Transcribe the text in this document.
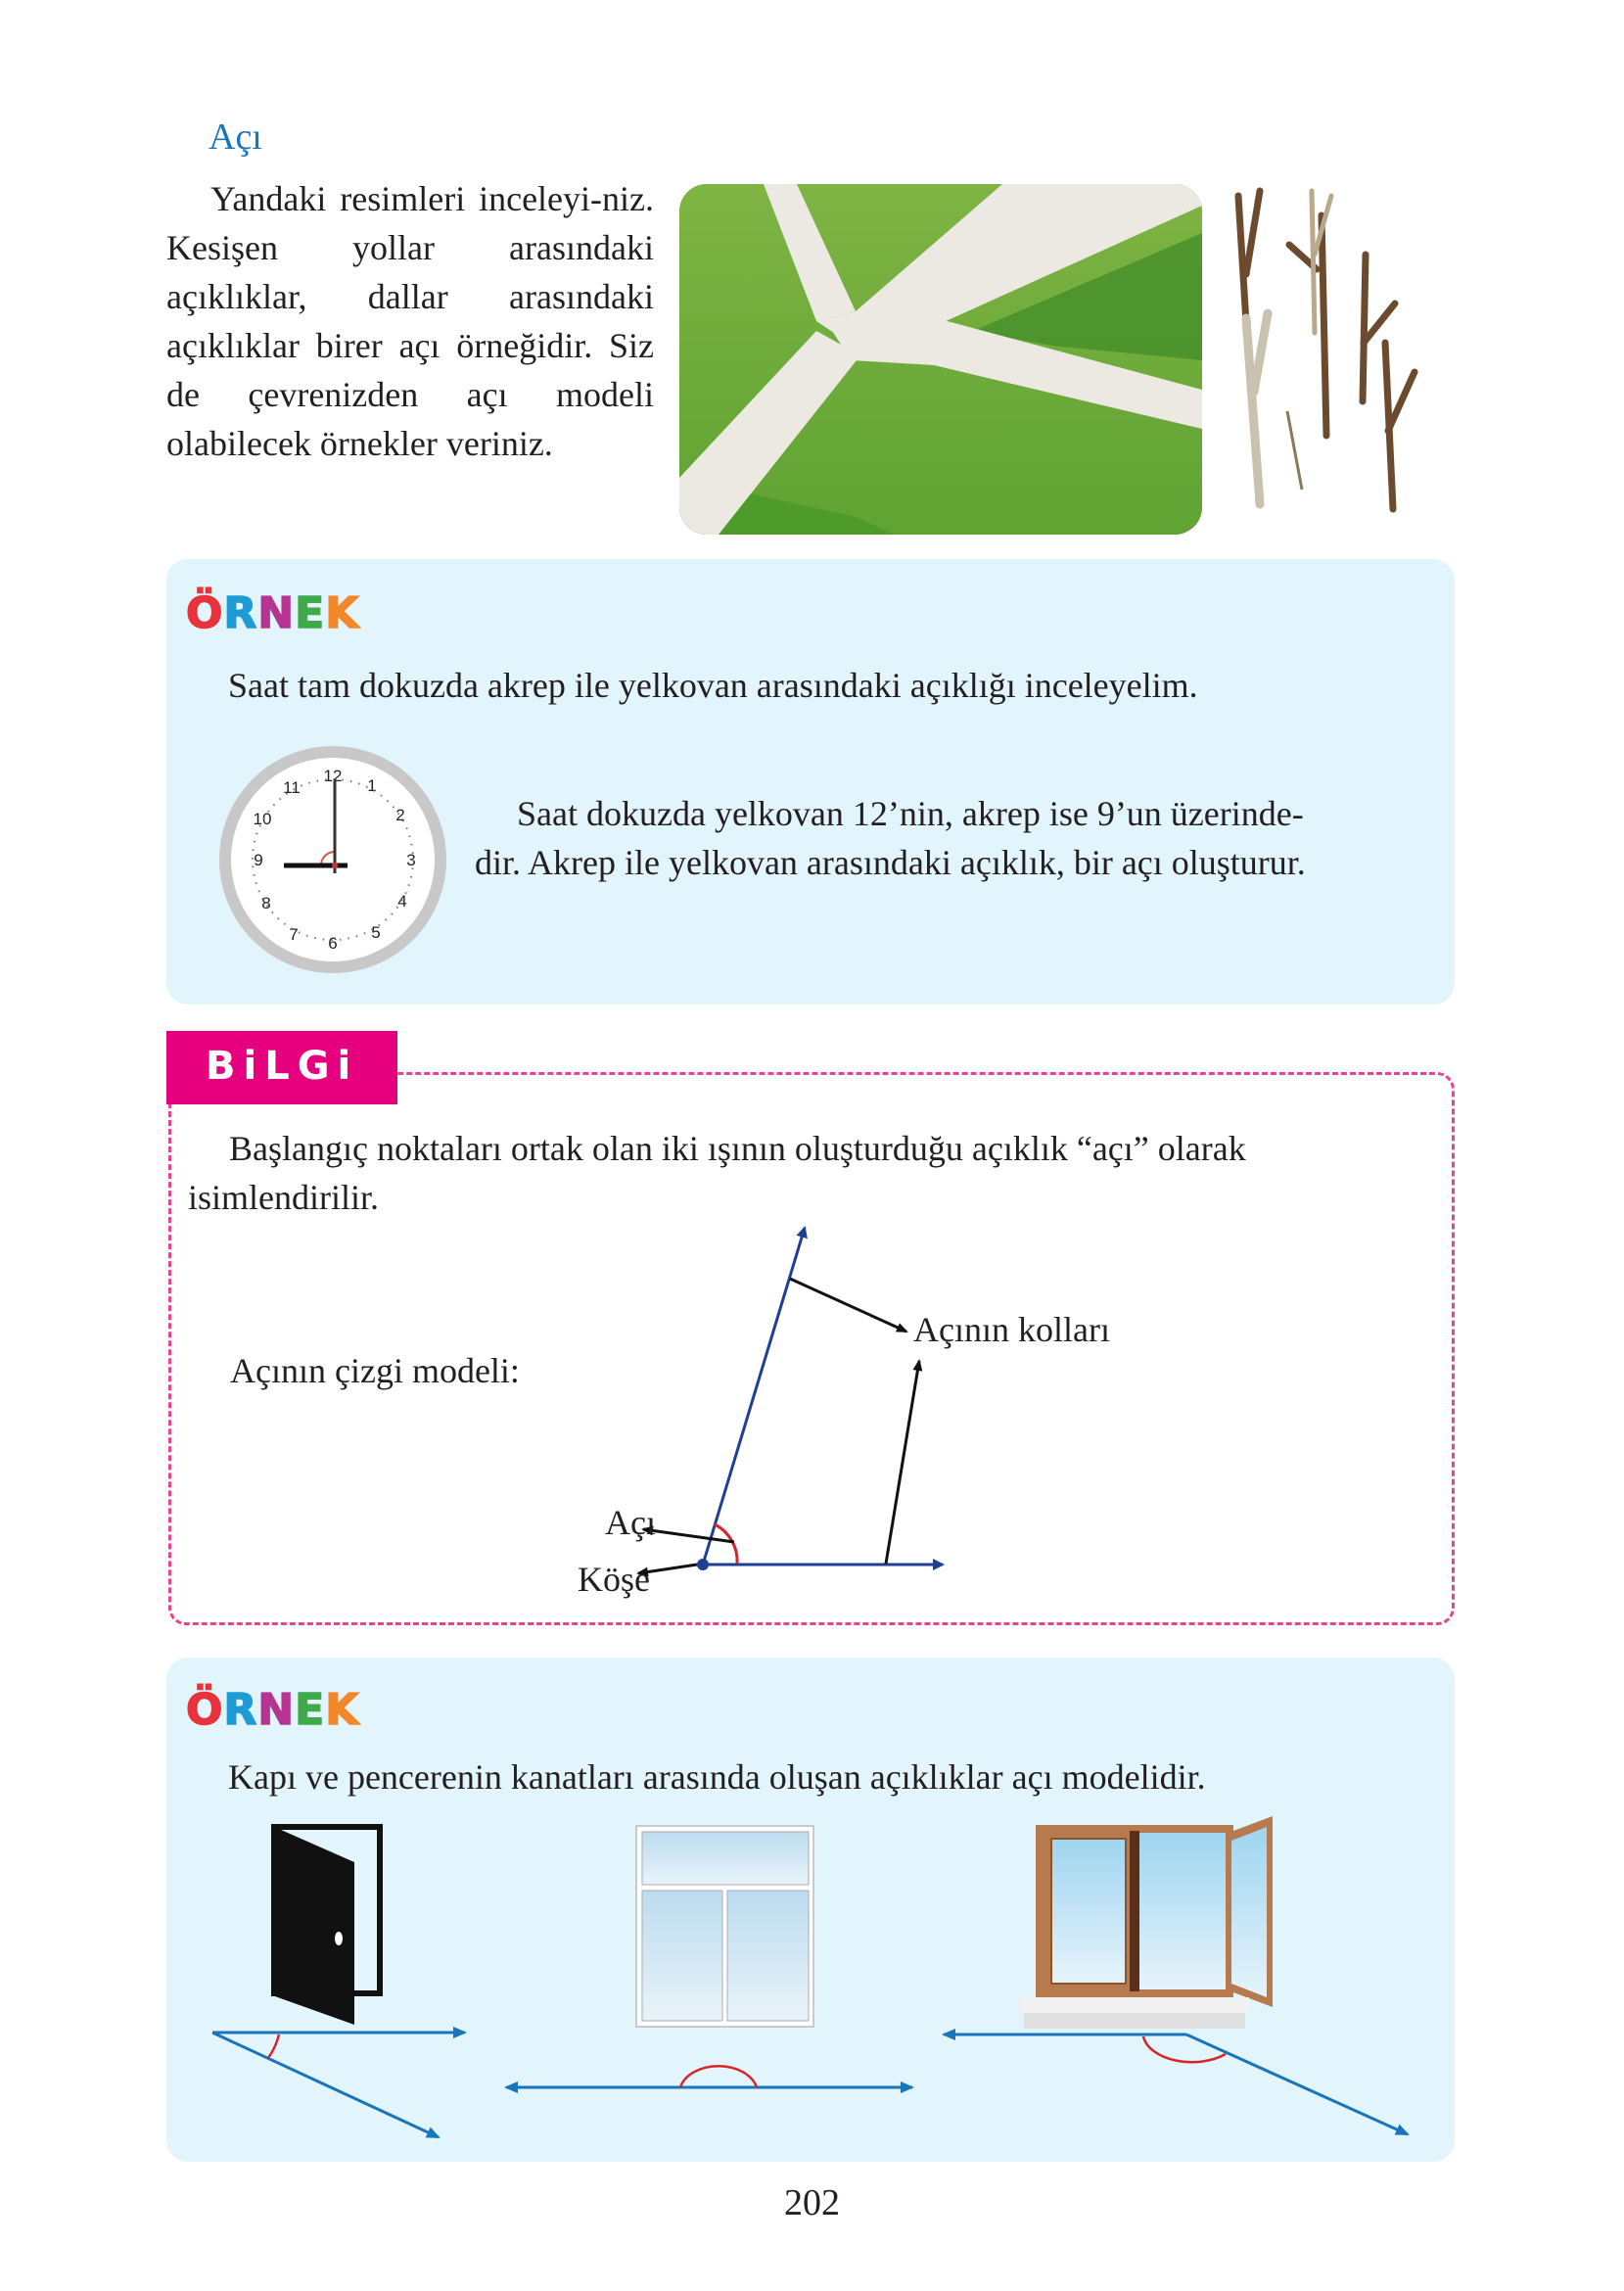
Açı

Yandaki resimleri inceleyi-niz. Kesişen yollar arasındaki açıklıklar, dallar arasındaki açıklıklar birer açı örneğidir. Siz de çevrenizden açı modeli olabilecek örnekler veriniz.

ÖRNEK
Saat tam dokuzda akrep ile yelkovan arasındaki açıklığı inceleyelim.
12
1
2
3
4
5
6
7
8
9
10
11
Saat dokuzda yelkovan 12’nin, akrep ise 9’un üzerinde-
dir. Akrep ile yelkovan arasındaki açıklık, bir açı oluşturur.
BiLGi
Başlangıç noktaları ortak olan iki ışının oluşturduğu açıklık “açı” olarak
isimlendirilir.
Açının çizgi modeli:
Açının kolları
Açı
Köşe
ÖRNEK
Kapı ve pencerenin kanatları arasında oluşan açıklıklar açı modelidir.
202
